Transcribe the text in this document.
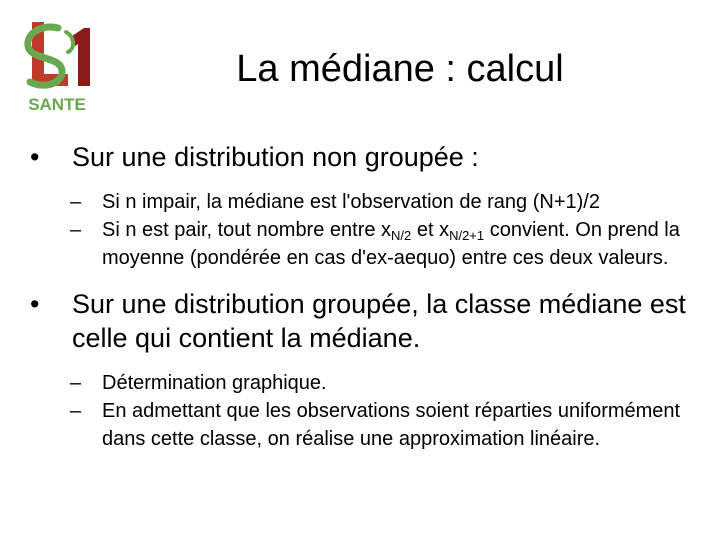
SANTE
La médiane : calcul

•	Sur une distribution non groupée :

– Si n impair, la médiane est l'observation de rang (N+1)/2

– Si n est pair, tout nombre entre $x_{N/2}$ et $x_{N/2+1}$ convient. On prend la moyenne (pondérée en cas d'ex-aequo) entre ces deux valeurs.

•	Sur une distribution groupée, la classe médiane est celle qui contient la médiane.

– Détermination graphique.

– En admettant que les observations soient réparties uniformément dans cette classe, on réalise une approximation linéaire.
